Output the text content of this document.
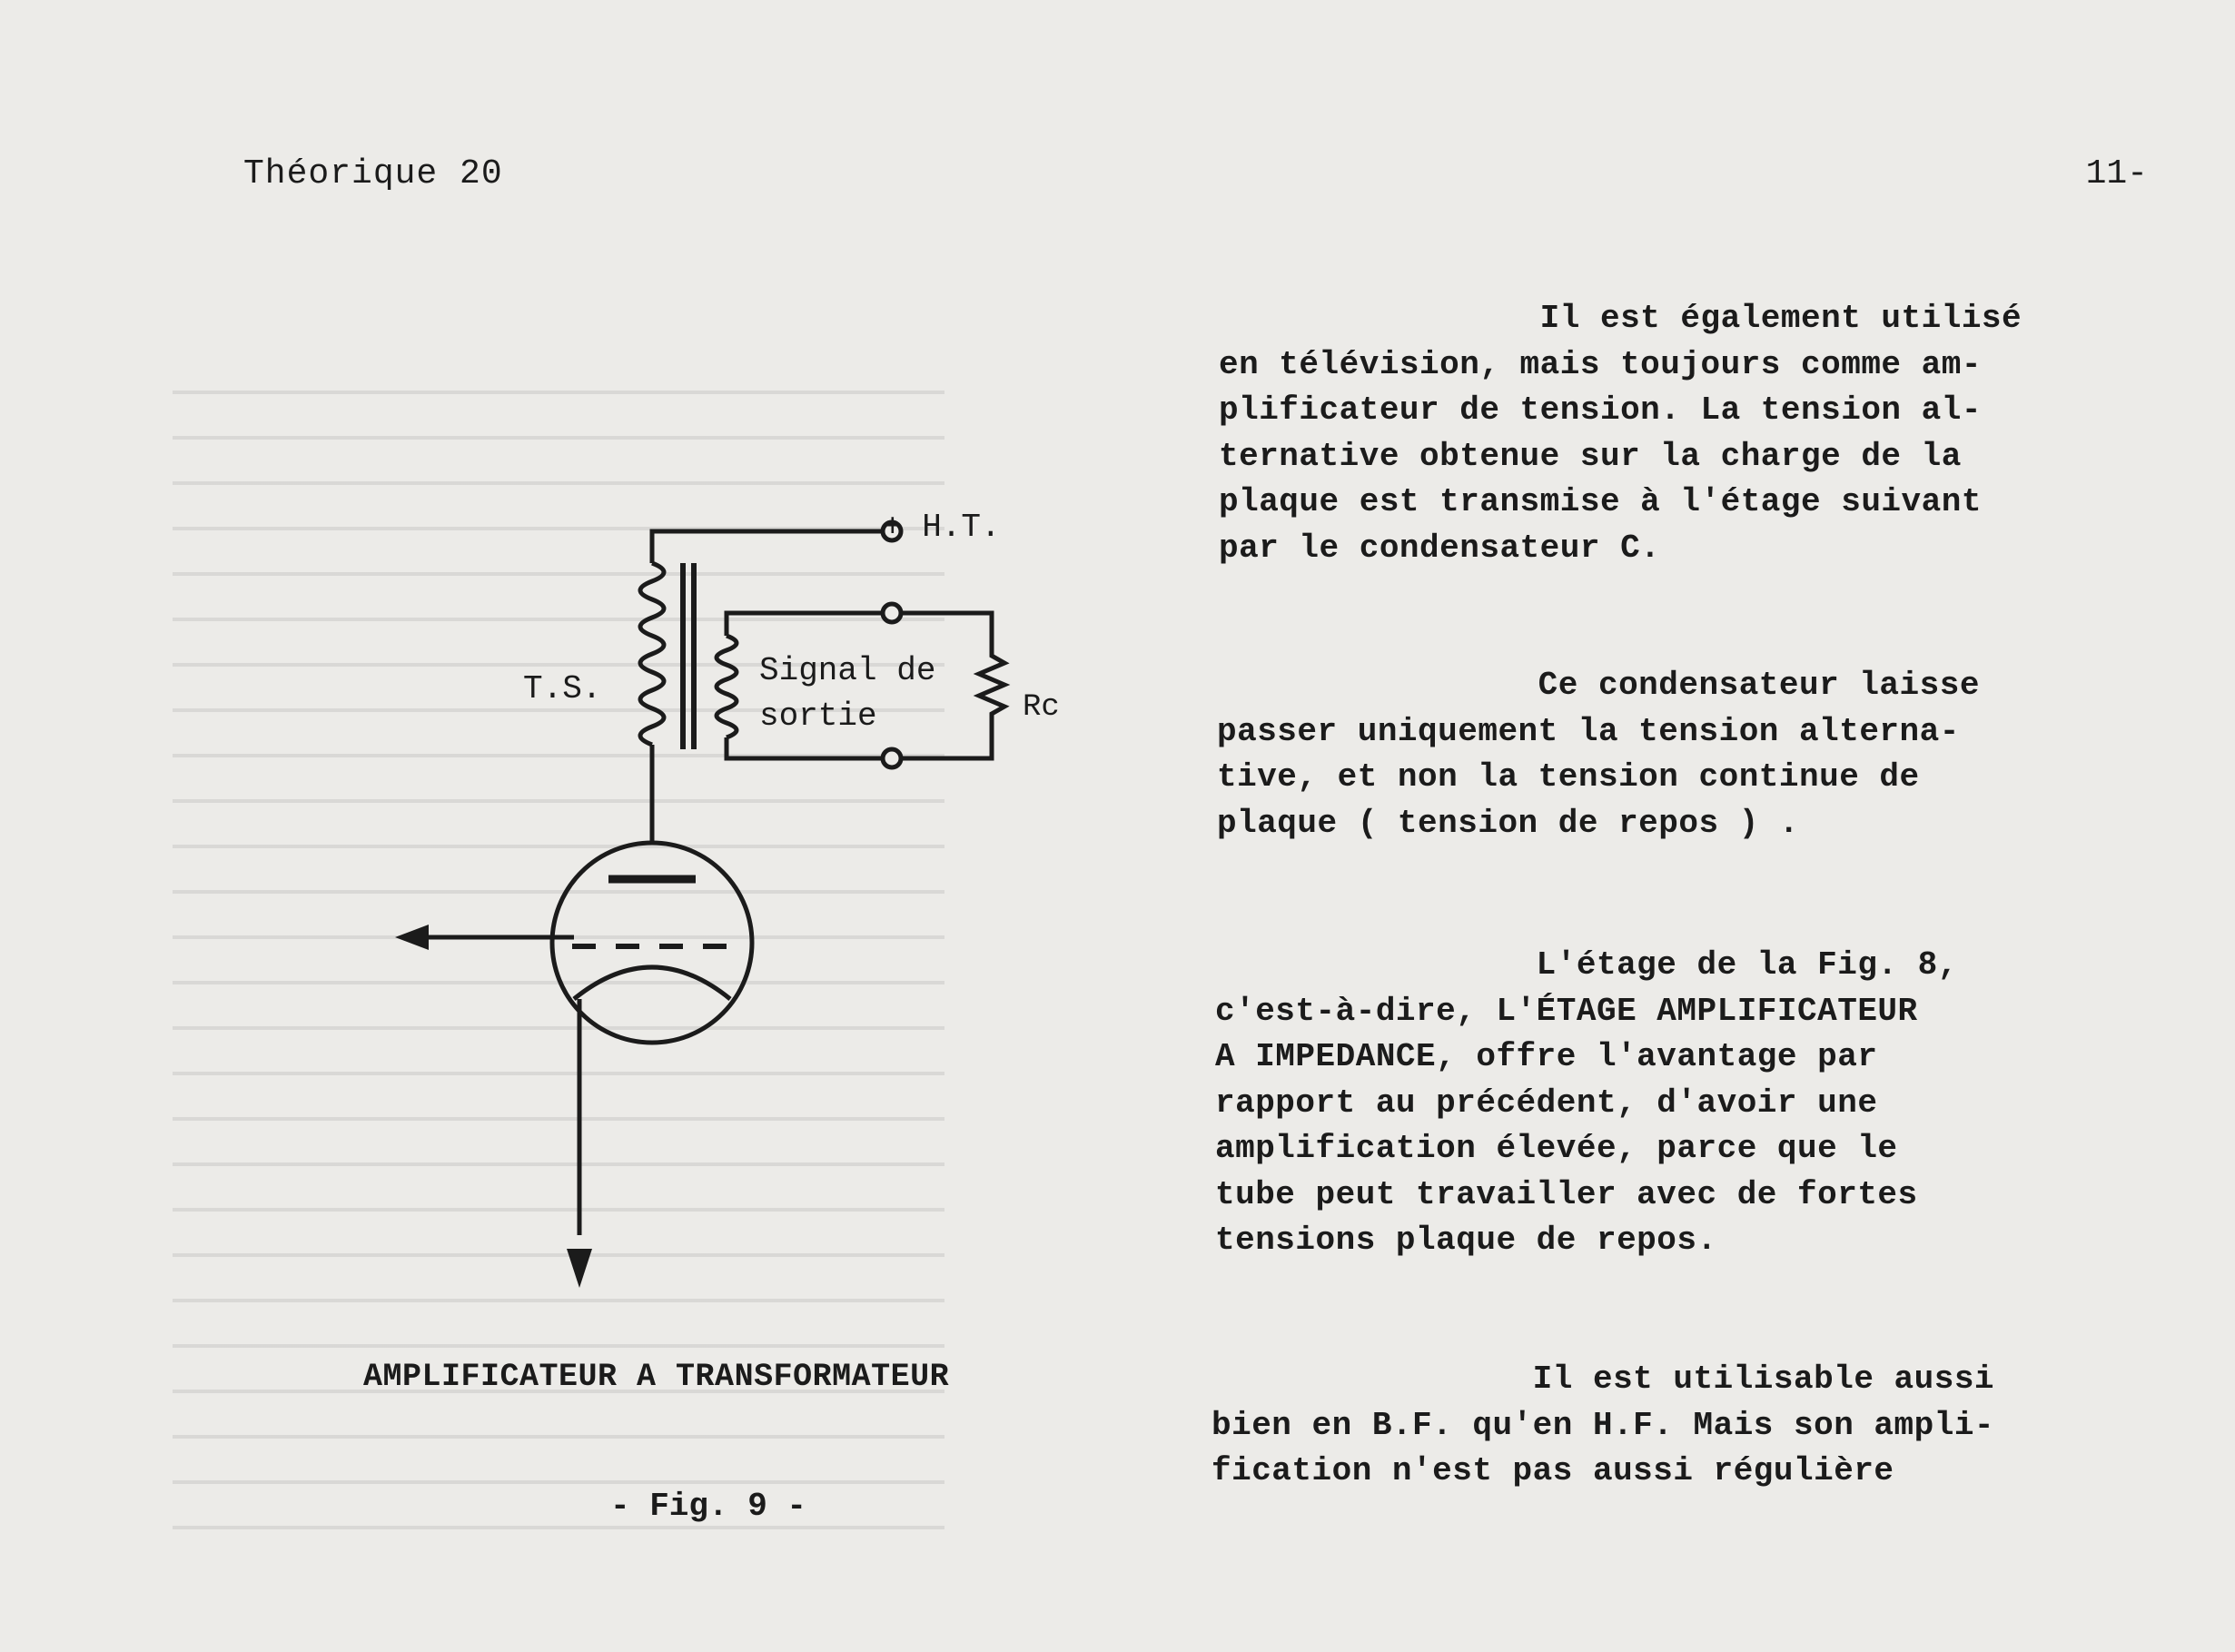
Théorique 20	11-
Il est également utilisé
en télévision, mais toujours comme am-
plificateur de tension. La tension al-
ternative obtenue sur la charge de la
plaque est transmise à l'étage suivant
par le condensateur C.
Ce condensateur laisse
passer uniquement la tension alterna-
tive, et non la tension continue de
plaque ( tension de repos ) .
L'étage de la Fig. 8,
c'est-à-dire, L'ÉTAGE AMPLIFICATEUR
A IMPEDANCE, offre l'avantage par
rapport au précédent, d'avoir une
amplification élevée, parce que le
tube peut travailler avec de fortes
tensions plaque de repos.
Il est utilisable aussi
bien en B.F. qu'en H.F. Mais son ampli-
fication n'est pas aussi régulière
+ H.T.
T.S.	Signal de
sortie	Rc
AMPLIFICATEUR A TRANSFORMATEUR
- Fig. 9 -
